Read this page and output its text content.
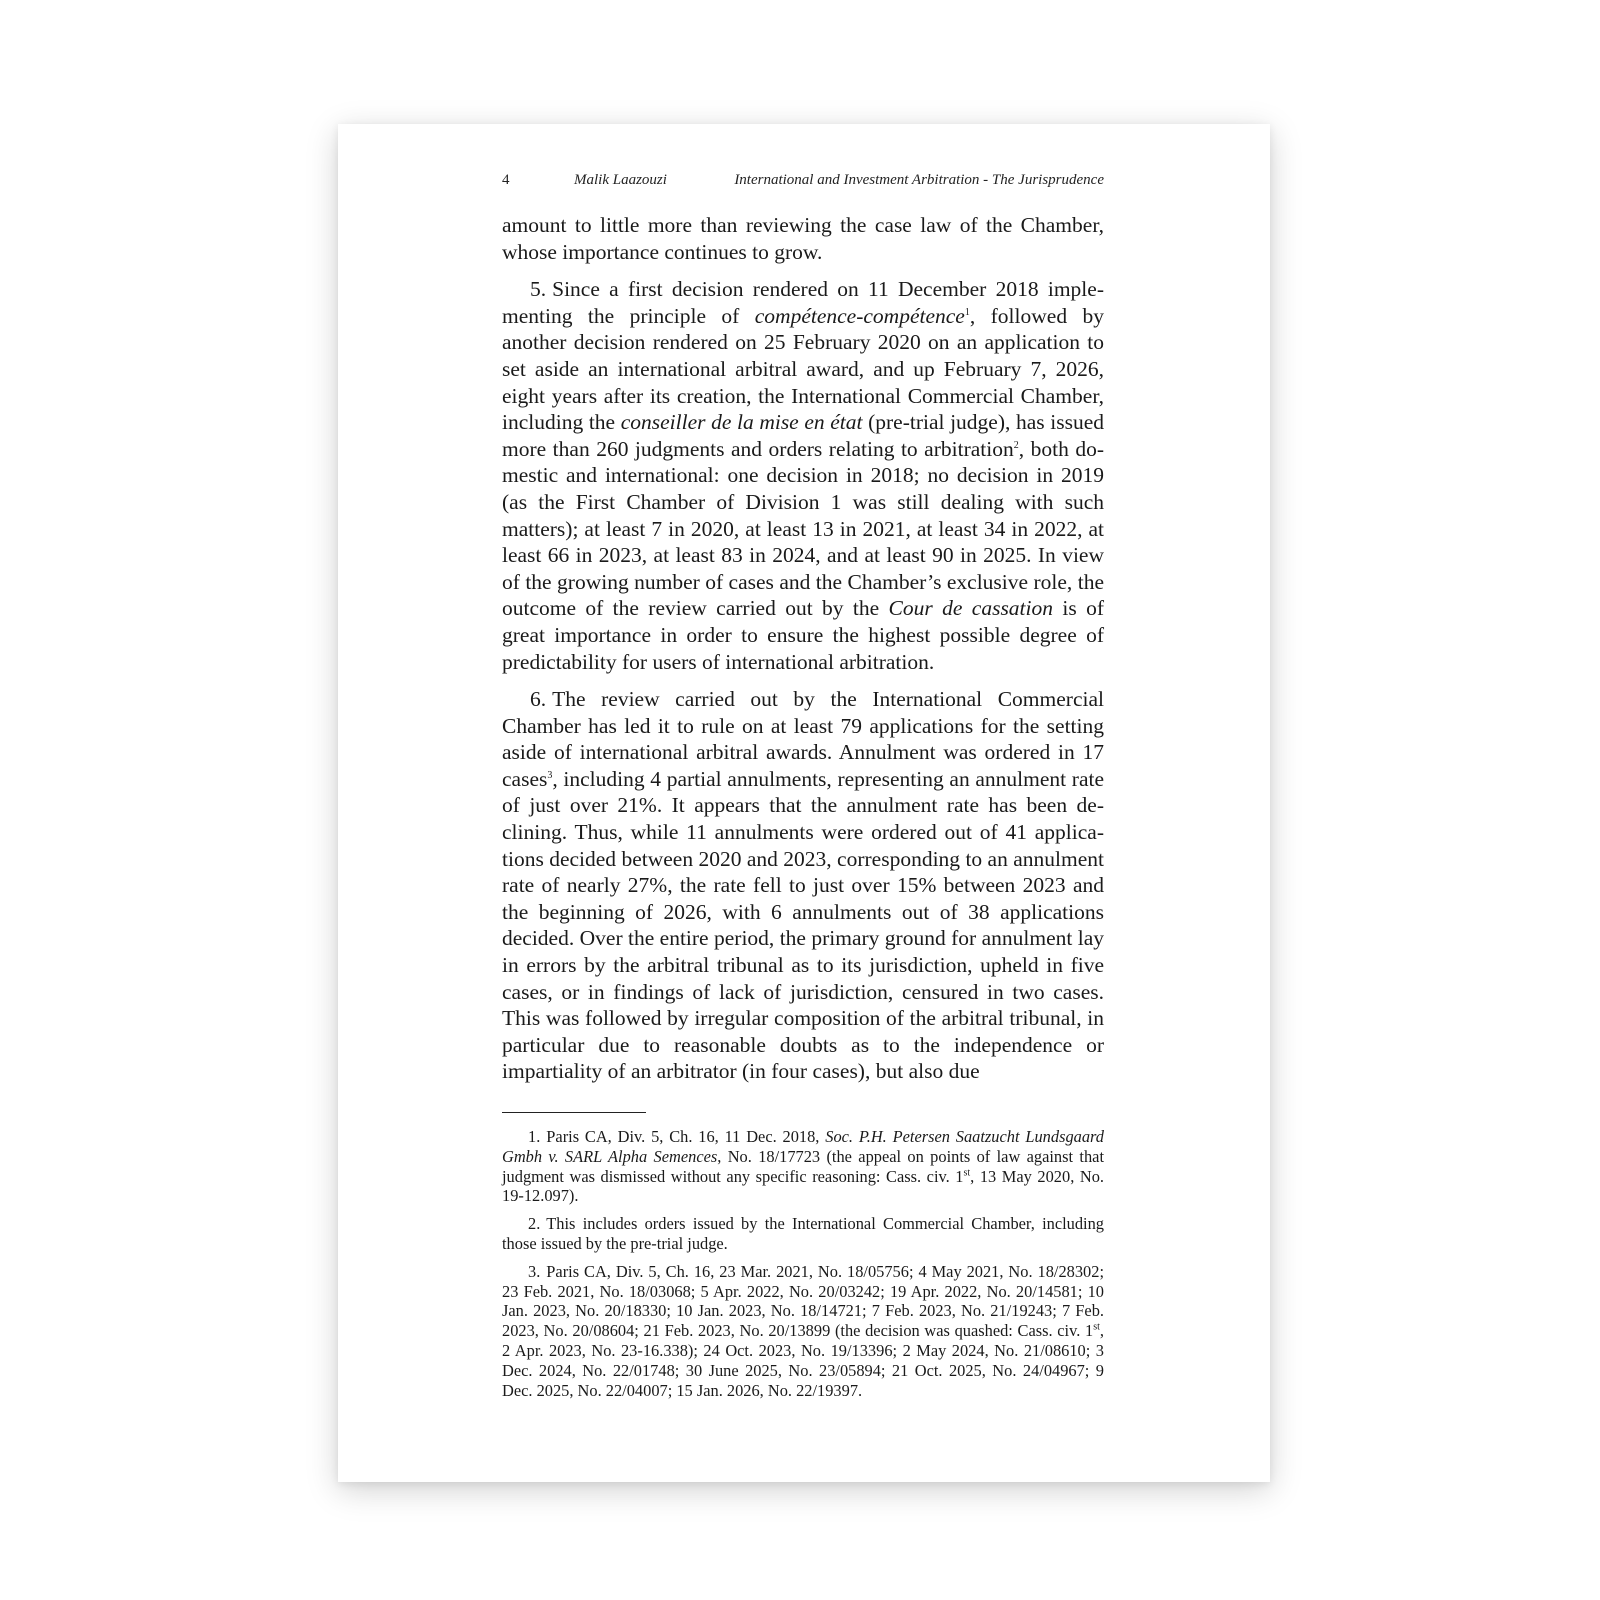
4	Malik Laazouzi	International and Investment Arbitration - The Jurisprudence

amount to little more than reviewing the case law of the Chamber, whose importance continues to grow.

5. Since a first decision rendered on 11 December 2018 implementing the principle of compétence-compétence$^1$, followed by another decision rendered on 25 February 2020 on an application to set aside an international arbitral award, and up February 7, 2026, eight years after its creation, the International Commercial Chamber, including the conseiller de la mise en état (pre-trial judge), has issued more than 260 judgments and orders relating to arbitration$^2$, both domestic and international: one decision in 2018; no decision in 2019 (as the First Chamber of Division 1 was still dealing with such matters); at least 7 in 2020, at least 13 in 2021, at least 34 in 2022, at least 66 in 2023, at least 83 in 2024, and at least 90 in 2025. In view of the growing number of cases and the Chamber’s exclusive role, the outcome of the review carried out by the Cour de cassation is of great importance in order to ensure the highest possible degree of predictability for users of international arbitration.

6. The review carried out by the International Commercial Chamber has led it to rule on at least 79 applications for the setting aside of international arbitral awards. Annulment was ordered in 17 cases$^3$, including 4 partial annulments, representing an annulment rate of just over 21%. It appears that the annulment rate has been declining. Thus, while 11 annulments were ordered out of 41 applications decided between 2020 and 2023, corresponding to an annulment rate of nearly 27%, the rate fell to just over 15% between 2023 and the beginning of 2026, with 6 annulments out of 38 applications decided. Over the entire period, the primary ground for annulment lay in errors by the arbitral tribunal as to its jurisdiction, upheld in five cases, or in findings of lack of jurisdiction, censured in two cases. This was followed by irregular composition of the arbitral tribunal, in particular due to reasonable doubts as to the independence or impartiality of an arbitrator (in four cases), but also due

1. Paris CA, Div. 5, Ch. 16, 11 Dec. 2018, Soc. P.H. Petersen Saatzucht Lundsgaard Gmbh v. SARL Alpha Semences, No. 18/17723 (the appeal on points of law against that judgment was dismissed without any specific reasoning: Cass. civ. 1st, 13 May 2020, No. 19-12.097).

2. This includes orders issued by the International Commercial Chamber, including those issued by the pre-trial judge.

3. Paris CA, Div. 5, Ch. 16, 23 Mar. 2021, No. 18/05756; 4 May 2021, No. 18/28302; 23 Feb. 2021, No. 18/03068; 5 Apr. 2022, No. 20/03242; 19 Apr. 2022, No. 20/14581; 10 Jan. 2023, No. 20/18330; 10 Jan. 2023, No. 18/14721; 7 Feb. 2023, No. 21/19243; 7 Feb. 2023, No. 20/08604; 21 Feb. 2023, No. 20/13899 (the decision was quashed: Cass. civ. 1st, 2 Apr. 2023, No. 23-16.338); 24 Oct. 2023, No. 19/13396; 2 May 2024, No. 21/08610; 3 Dec. 2024, No. 22/01748; 30 June 2025, No. 23/05894; 21 Oct. 2025, No. 24/04967; 9 Dec. 2025, No. 22/04007; 15 Jan. 2026, No. 22/19397.
